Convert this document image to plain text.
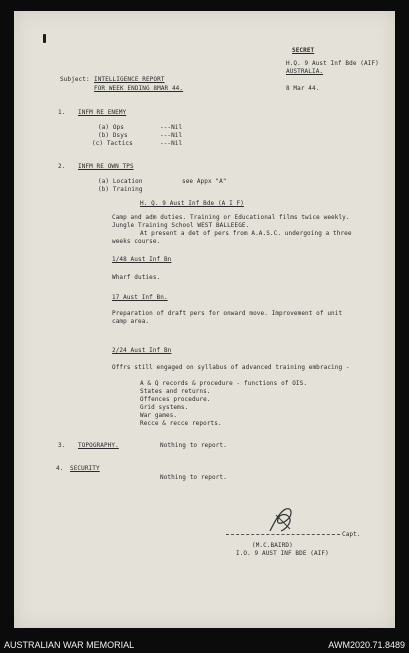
SECRET
H.Q. 9 Aust Inf Bde (AIF)
AUSTRALIA.
8 Mar 44.
Subject: INTELLIGENCE REPORT
FOR WEEK ENDING 8MAR 44.
1. INFM RE ENEMY
(a) Ops	---Nil
(b) Dsys	---Nil
(c) Tactics	---Nil
2. INFM RE OWN TPS
(a) Location	see Appx "A"
(b) Training
H. Q. 9 Aust Inf Bde (A I F)
Camp and adm duties. Training or Educational films twice weekly.
Jungle Training School WEST BALLEEGE.
At present a det of pers from A.A.S.C. undergoing a three
weeks course.
1/48 Aust Inf Bn
Wharf duties.
17 Aust Inf Bn.
Preparation of draft pers for onward move. Improvement of unit
camp area.
2/24 Aust Inf Bn
Offrs still engaged on syllabus of advanced training embracing -
A & Q records & procedure - functions of OIS.
States and returns.
Offences procedure.
Grid systems.
War games.
Recce & recce reports.
3. TOPOGRAPHY.	Nothing to report.
4. SECURITY
Nothing to report.
Capt.
(M.C.BAIRD)
I.O. 9 AUST INF BDE (AIF)
AUSTRALIAN WAR MEMORIAL	AWM2020.71.8489
